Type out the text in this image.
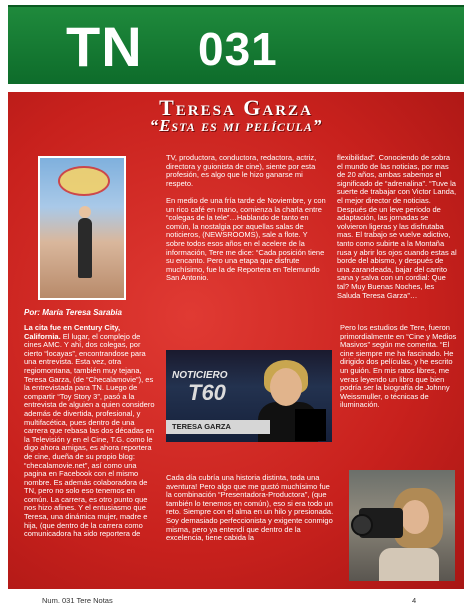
TN 031
Teresa Garza
“Esta es mi película”
Por: María Teresa Sarabia
La cita fue en Century City, California. El lugar, el complejo de cines AMC. Y ahí, dos colegas, por cierto “locayas”, encontrandose para una entrevista. Esta vez, otra regiomontana, también muy tejana, Teresa Garza, (de “Checalamovie”), es la entrevistada para TN. Luego de compartir “Toy Story 3”, pasó a la entrevista de alguien a quien considero además de divertida, profesional, y multifacética, pues dentro de una carrera que rebasa las dos décadas en la Televisión y en el Cine, T.G. como le digo ahora amigas, es ahora reportera de cine, dueña de su propio blog: “checalamovie.net”, así como una pagina en Facebook con el mismo nombre. Es además colaboradora de TN, pero no solo eso tenemos en común. La carrera, es otro punto que nos hizo afines. Y el entusiasmo que Teresa, una dinámica mujer, madre e hija, (que dentro de la carrera como comunicadora ha sido reportera de
TV, productora, conductora, redactora, actriz, directora y guionista de cine), siente por esta profesión, es algo que le hizo ganarse mi respeto.

En medio de una fría tarde de Noviembre, y con un rico café en mano, comienza la charla entre “colegas de la tele”…Hablando de tanto en común, la nostalgia por aquellas salas de noticieros, (NEWSROOMS), sale a flote. Y sobre todos esos años en el acelere de la información, Tere me dice: “Cada posición tiene su encanto. Pero una etapa que disfrute muchísimo, fue la de Reportera en Telemundo San Antonio.
flexibilidad”. Conociendo de sobra el mundo de las noticias, por mas de 20 años, ambas sabemos el significado de “adrenalina”. “Tuve la suerte de trabajar con Victor Landa, el mejor director de noticias. Después de un leve periodo de adaptación, las jornadas se volvieron ligeras y las disfrutaba mas. El trabajo se vuelve adictivo, tanto como subirte a la Montaña rusa y abrir los ojos cuando estas al borde del abismo, y después de una zarandeada, bajar del carrito sana y salva con un cordial: Que tal? Muy Buenas Noches, les Saluda Teresa Garza”…
Pero los estudios de Tere, fueron primordialmente en “Cine y Medios Masivos” según me comenta. “El cine siempre me ha fascinado. He dirigido dos películas, y he escrito un guión. En mis ratos libres, me veras leyendo un libro que bien podría ser la biografía de Johnny Weissmuller, o técnicas de iluminación.
NOTICIERO
T60
TERESA GARZA
Cada día cubría una historia distinta, toda una aventura! Pero algo que me gustó muchísimo fue la combinación “Presentadora-Productora”, (que también lo tenemos en común), eso si era todo un reto. Siempre con el alma en un hilo y presionada. Soy demasiado perfeccionista y exigente conmigo misma, pero ya entendí que dentro de la excelencia, tiene cabida la
Num. 031 Tere Notas	4
